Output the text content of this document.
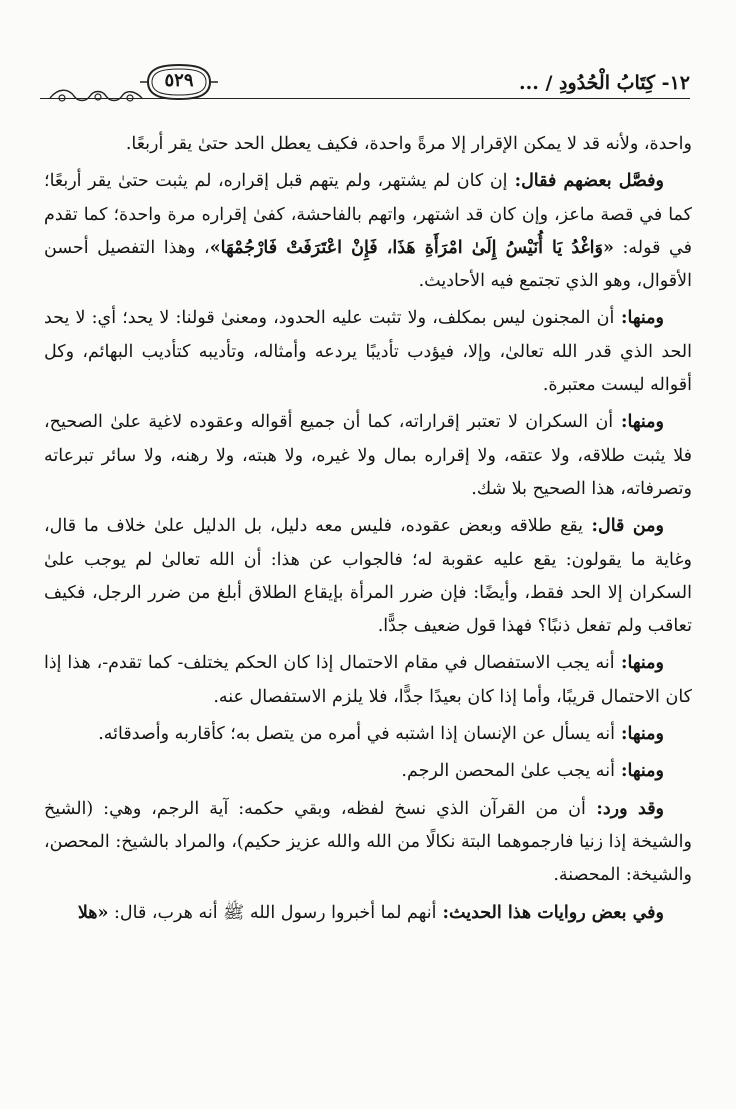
١٢- كِتَابُ الْحُدُودِ / ...
٥٢٩

واحدة، ولأنه قد لا يمكن الإقرار إلا مرةً واحدة، فكيف يعطل الحد حتىٰ يقر أربعًا.

وفصَّل بعضهم فقال: إن كان لم يشتهر، ولم يتهم قبل إقراره، لم يثبت حتىٰ يقر أربعًا؛ كما في قصة ماعز، وإن كان قد اشتهر، واتهم بالفاحشة، كفىٰ إقراره مرة واحدة؛ كما تقدم في قوله: «وَاغْدُ يَا أُنَيْسُ إِلَىٰ امْرَأَةِ هَذَا، فَإِنْ اعْتَرَفَتْ فَارْجُمْهَا»، وهذا التفصيل أحسن الأقوال، وهو الذي تجتمع فيه الأحاديث.

ومنها: أن المجنون ليس بمكلف، ولا تثبت عليه الحدود، ومعنىٰ قولنا: لا يحد؛ أي: لا يحد الحد الذي قدر الله تعالىٰ، وإلا، فيؤدب تأديبًا يردعه وأمثاله، وتأديبه كتأديب البهائم، وكل أقواله ليست معتبرة.

ومنها: أن السكران لا تعتبر إقراراته، كما أن جميع أقواله وعقوده لاغية علىٰ الصحيح، فلا يثبت طلاقه، ولا عتقه، ولا إقراره بمال ولا غيره، ولا هبته، ولا رهنه، ولا سائر تبرعاته وتصرفاته، هذا الصحيح بلا شك.

ومن قال: يقع طلاقه وبعض عقوده، فليس معه دليل، بل الدليل علىٰ خلاف ما قال، وغاية ما يقولون: يقع عليه عقوبة له؛ فالجواب عن هذا: أن الله تعالىٰ لم يوجب علىٰ السكران إلا الحد فقط، وأيضًا: فإن ضرر المرأة بإيقاع الطلاق أبلغ من ضرر الرجل، فكيف تعاقب ولم تفعل ذنبًا؟ فهذا قول ضعيف جدًّا.

ومنها: أنه يجب الاستفصال في مقام الاحتمال إذا كان الحكم يختلف- كما تقدم-، هذا إذا كان الاحتمال قريبًا، وأما إذا كان بعيدًا جدًّا، فلا يلزم الاستفصال عنه.

ومنها: أنه يسأل عن الإنسان إذا اشتبه في أمره من يتصل به؛ كأقاربه وأصدقائه.

ومنها: أنه يجب علىٰ المحصن الرجم.

وقد ورد: أن من القرآن الذي نسخ لفظه، وبقي حكمه: آية الرجم، وهي: (الشيخ والشيخة إذا زنيا فارجموهما البتة نكالًا من الله والله عزيز حكيم)، والمراد بالشيخ: المحصن، والشيخة: المحصنة.

وفي بعض روايات هذا الحديث: أنهم لما أخبروا رسول الله ﷺ أنه هرب، قال: «هلا
